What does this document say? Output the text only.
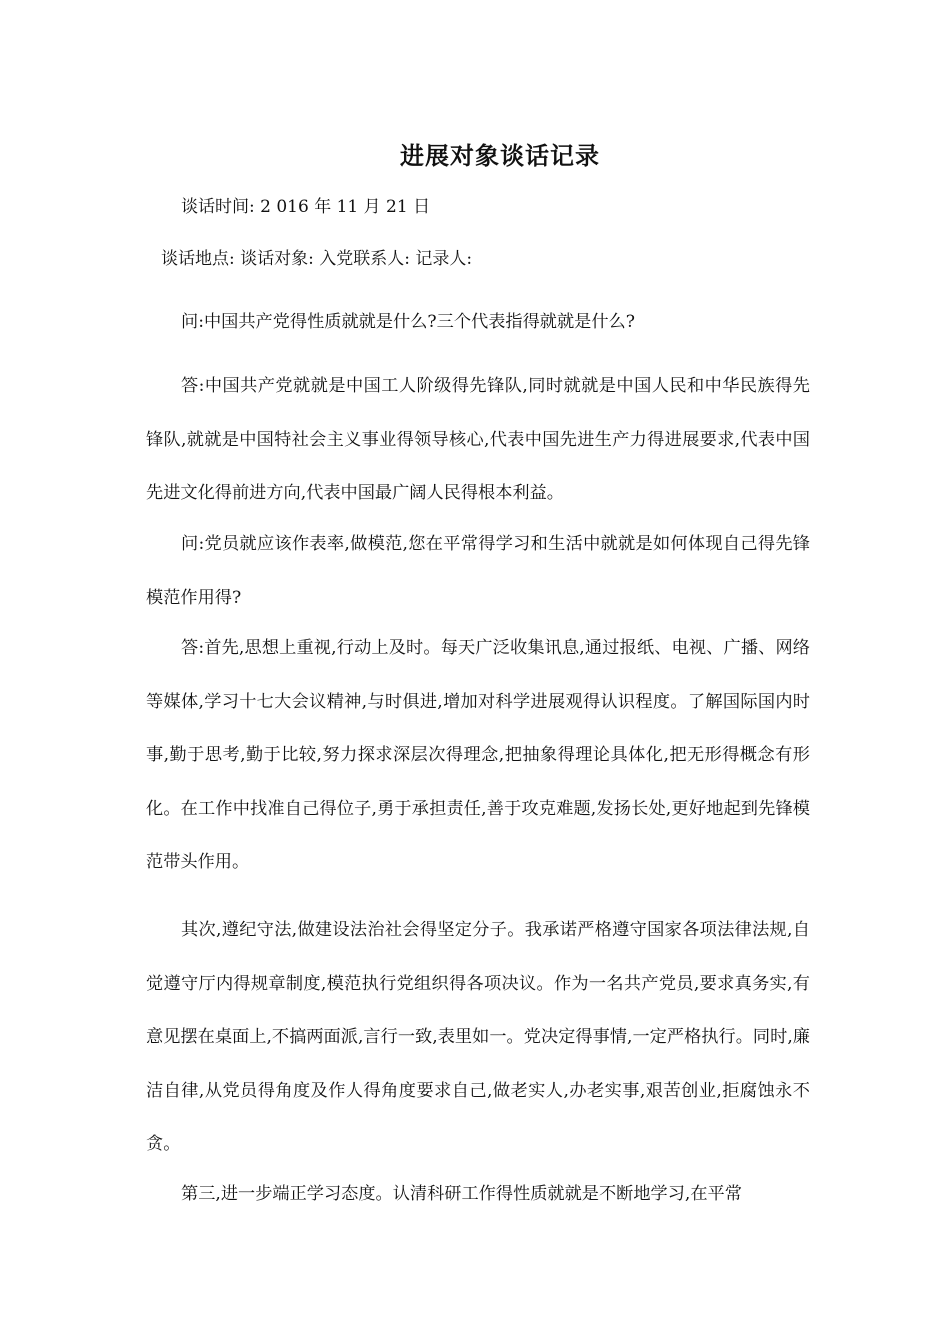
进展对象谈话记录

谈话时间: 2 016 年 11 月 21 日

谈话地点: 谈话对象: 入党联系人: 记录人:

问:中国共产党得性质就就是什么?三个代表指得就就是什么?

答:中国共产党就就是中国工人阶级得先锋队,同时就就是中国人民和中华民族得先锋队,就就是中国特社会主义事业得领导核心,代表中国先进生产力得进展要求,代表中国先进文化得前进方向,代表中国最广阔人民得根本利益。

问:党员就应该作表率,做模范,您在平常得学习和生活中就就是如何体现自己得先锋模范作用得?

答:首先,思想上重视,行动上及时。每天广泛收集讯息,通过报纸、电视、广播、网络等媒体,学习十七大会议精神,与时俱进,增加对科学进展观得认识程度。了解国际国内时事,勤于思考,勤于比较,努力探求深层次得理念,把抽象得理论具体化,把无形得概念有形化。在工作中找准自己得位子,勇于承担责任,善于攻克难题,发扬长处,更好地起到先锋模范带头作用。

其次,遵纪守法,做建设法治社会得坚定分子。我承诺严格遵守国家各项法律法规,自觉遵守厅内得规章制度,模范执行党组织得各项决议。作为一名共产党员,要求真务实,有意见摆在桌面上,不搞两面派,言行一致,表里如一。党决定得事情,一定严格执行。同时,廉洁自律,从党员得角度及作人得角度要求自己,做老实人,办老实事,艰苦创业,拒腐蚀永不贪。

第三,进一步端正学习态度。认清科研工作得性质就就是不断地学习,在平常
